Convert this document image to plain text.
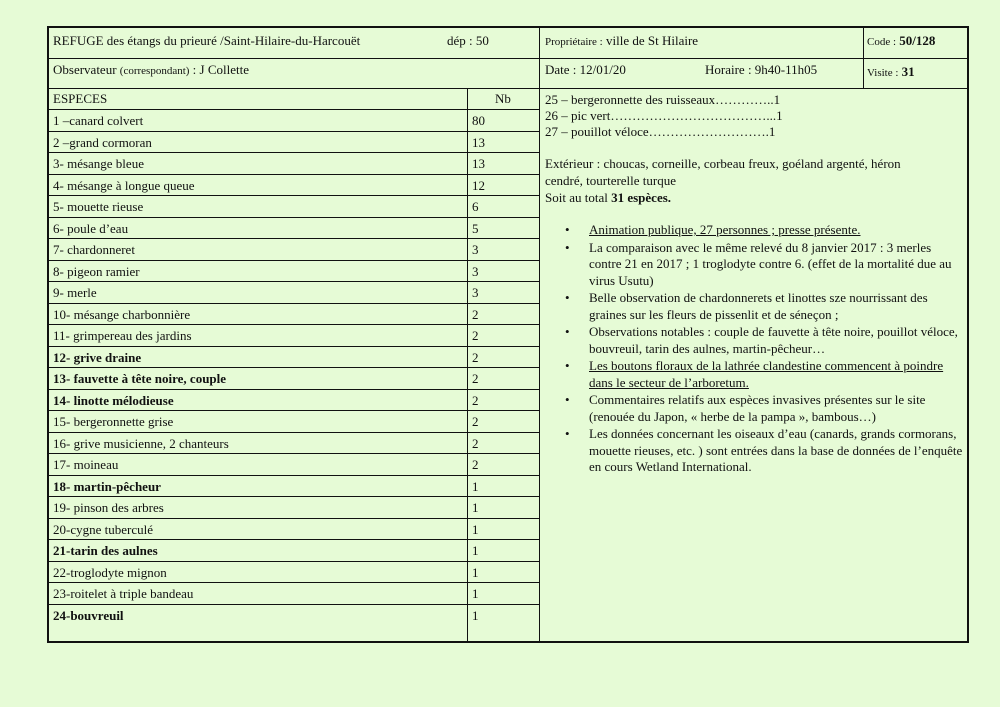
REFUGE des étangs du prieuré /Saint-Hilaire-du-Harcouët	dép : 50	Propriétaire : ville de St Hilaire	Code : 50/128
Observateur (correspondant) : J Collette	Date : 12/01/20	Horaire : 9h40-11h05	Visite : 31
ESPECES	Nb
1 –canard colvert	80
2 –grand cormoran	13
3- mésange bleue	13
4- mésange à longue queue	12
5- mouette rieuse	6
6- poule d’eau	5
7- chardonneret	3
8- pigeon ramier	3
9- merle	3
10- mésange charbonnière	2
11- grimpereau des jardins	2
12- grive draine	2
13- fauvette à tête noire, couple	2
14- linotte mélodieuse	2
15- bergeronnette grise	2
16- grive musicienne, 2 chanteurs	2
17- moineau	2
18- martin-pêcheur	1
19- pinson des arbres	1
20-cygne tuberculé	1
21-tarin des aulnes	1
22-troglodyte mignon	1
23-roitelet à triple bandeau	1
24-bouvreuil	1
25 – bergeronnette des ruisseaux…………..1
26 – pic vert………………………………...1
27 – pouillot véloce……………………….1
Extérieur : choucas, corneille, corbeau freux, goéland argenté, héron
cendré, tourterelle turque
Soit au total 31 espèces.
• Animation publique, 27 personnes ; presse présente.
• La comparaison avec le même relevé du 8 janvier 2017 : 3 merles contre 21 en 2017 ; 1 troglodyte contre 6. (effet de la mortalité due au virus Usutu)
• Belle observation de chardonnerets et linottes sze nourrissant des graines sur les fleurs de pissenlit et de séneçon ;
• Observations notables : couple de fauvette à tête noire, pouillot véloce, bouvreuil, tarin des aulnes, martin-pêcheur…
• Les boutons floraux de la lathrée clandestine commencent à poindre dans le secteur de l’arboretum.
• Commentaires relatifs aux espèces invasives présentes sur le site (renouée du Japon, « herbe de la pampa », bambous…)
• Les données concernant les oiseaux d’eau (canards, grands cormorans, mouette rieuses, etc. ) sont entrées dans la base de données de l’enquête en cours Wetland International.
